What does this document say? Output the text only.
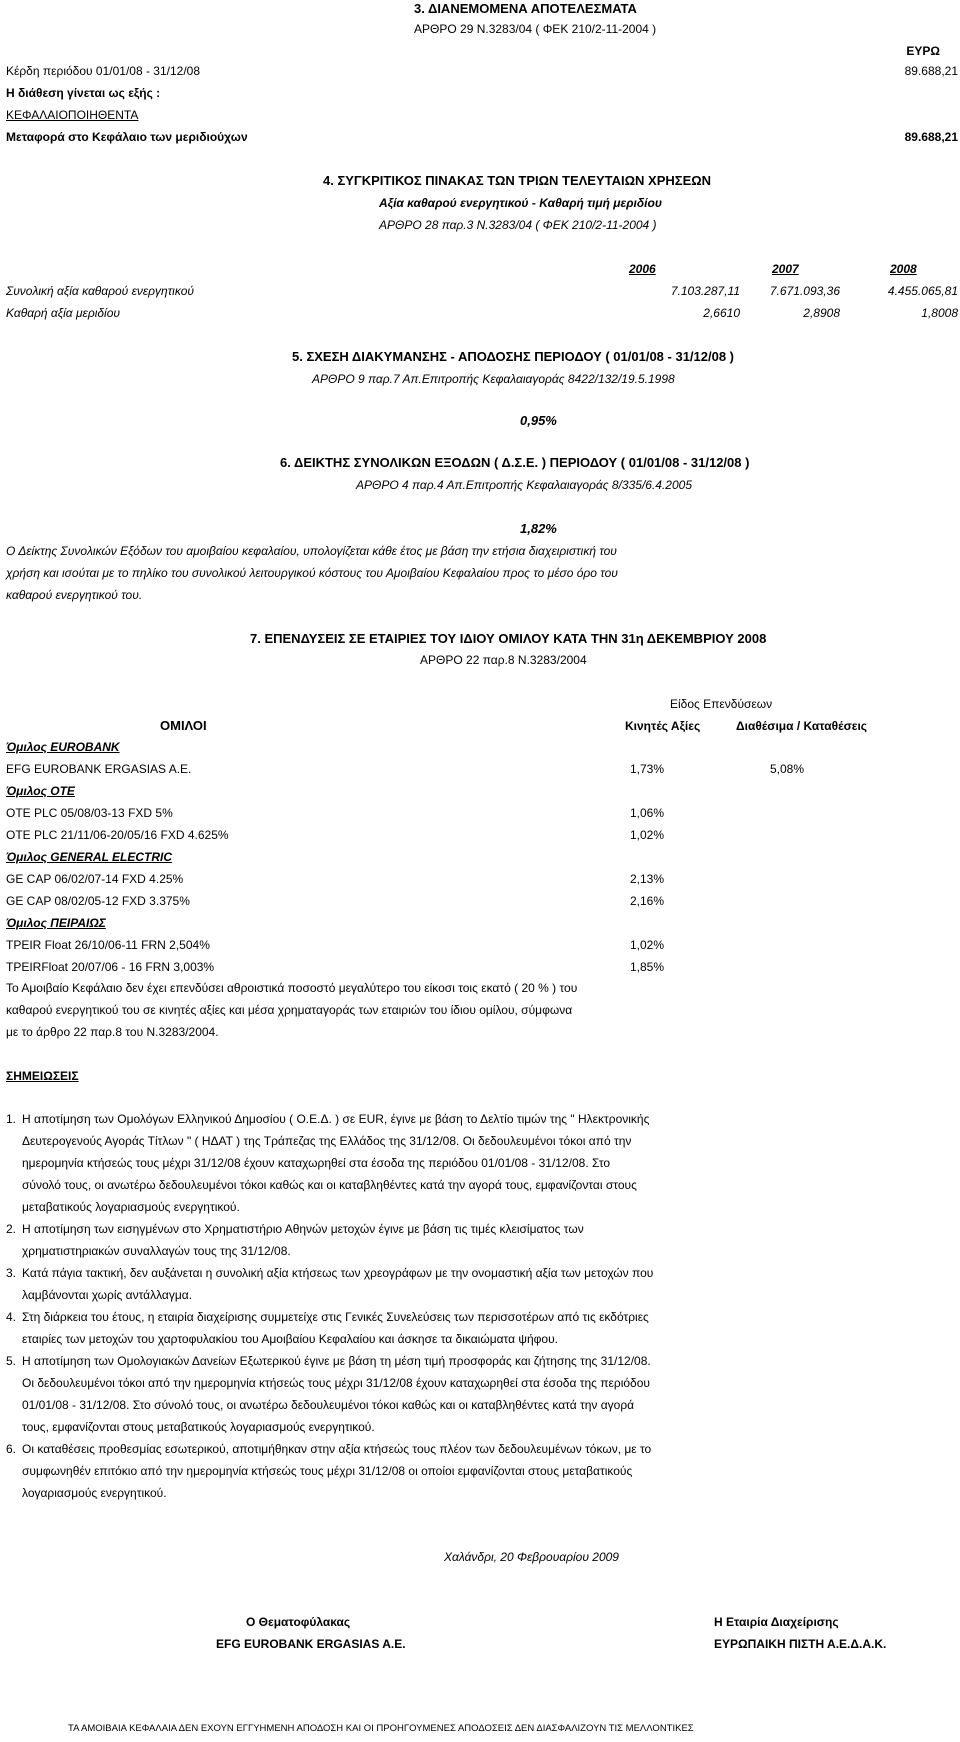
3. ΔΙΑΝΕΜΟΜΕΝΑ ΑΠΟΤΕΛΕΣΜΑΤΑ
ΑΡΘΡΟ 29 Ν.3283/04 ( ΦΕΚ 210/2-11-2004 )
ΕΥΡΩ
Κέρδη περιόδου 01/01/08 - 31/12/08	89.688,21
Η διάθεση γίνεται ως εξής :
ΚΕΦΑΛΑΙΟΠΟΙΗΘΕΝΤΑ
Μεταφορά στο Κεφάλαιο των μεριδιούχων	89.688,21
4. ΣΥΓΚΡΙΤΙΚΟΣ ΠΙΝΑΚΑΣ ΤΩΝ ΤΡΙΩΝ ΤΕΛΕΥΤΑΙΩΝ ΧΡΗΣΕΩΝ
Αξία καθαρού ενεργητικού - Καθαρή τιμή μεριδίου
ΑΡΘΡΟ 28 παρ.3 Ν.3283/04 ( ΦΕΚ 210/2-11-2004 )
2006	2007	2008
Συνολική αξία καθαρού ενεργητικού	7.103.287,11	7.671.093,36	4.455.065,81
Καθαρή αξία μεριδίου	2,6610	2,8908	1,8008
5. ΣΧΕΣΗ ΔΙΑΚΥΜΑΝΣΗΣ - ΑΠΟΔΟΣΗΣ ΠΕΡΙΟΔΟΥ ( 01/01/08 - 31/12/08 )
ΑΡΘΡΟ 9 παρ.7 Απ.Επιτροπής Κεφαλαιαγοράς 8422/132/19.5.1998
0,95%
6. ΔΕΙΚΤΗΣ ΣΥΝΟΛΙΚΩΝ ΕΞΟΔΩΝ ( Δ.Σ.Ε. ) ΠΕΡΙΟΔΟΥ ( 01/01/08 - 31/12/08 )
ΑΡΘΡΟ 4 παρ.4 Απ.Επιτροπής Κεφαλαιαγοράς 8/335/6.4.2005
1,82%
Ο Δείκτης Συνολικών Εξόδων του αμοιβαίου κεφαλαίου, υπολογίζεται κάθε έτος με βάση την ετήσια διαχειριστική του
χρήση και ισούται με το πηλίκο του συνολικού λειτουργικού κόστους του Αμοιβαίου Κεφαλαίου προς το μέσο όρο του
καθαρού ενεργητικού του.
7. ΕΠΕΝΔΥΣΕΙΣ ΣΕ ΕΤΑΙΡΙΕΣ ΤΟΥ ΙΔΙΟΥ ΟΜΙΛΟΥ ΚΑΤΑ ΤΗΝ 31η ΔΕΚΕΜΒΡΙΟΥ 2008
ΑΡΘΡΟ 22 παρ.8 Ν.3283/2004
Είδος Επενδύσεων
ΟΜΙΛΟΙ	Κινητές Αξίες	Διαθέσιμα / Καταθέσεις
Όμιλος EUROBANK
EFG EUROBANK ERGASIAS A.E.	1,73%	5,08%
Όμιλος ΟΤΕ
OTE PLC 05/08/03-13 FXD 5%	1,06%
OTE PLC 21/11/06-20/05/16 FXD 4.625%	1,02%
Όμιλος GENERAL ELECTRIC
GE CAP 06/02/07-14 FXD 4.25%	2,13%
GE CAP 08/02/05-12 FXD 3.375%	2,16%
Όμιλος ΠΕΙΡΑΙΩΣ
TPEIR Float 26/10/06-11 FRN 2,504%	1,02%
TPEIRFloat 20/07/06 - 16 FRN 3,003%	1,85%
Το Αμοιβαίο Κεφάλαιο δεν έχει επενδύσει αθροιστικά ποσοστό μεγαλύτερο του είκοσι τοις εκατό ( 20 % ) του
καθαρού ενεργητικού του σε κινητές αξίες και μέσα χρηματαγοράς των εταιριών του ίδιου ομίλου, σύμφωνα
με το άρθρο 22 παρ.8 του Ν.3283/2004.
ΣΗΜΕΙΩΣΕΙΣ
1. Η αποτίμηση των Ομολόγων Ελληνικού Δημοσίου ( Ο.Ε.Δ. ) σε EUR, έγινε με βάση το Δελτίο τιμών της " Ηλεκτρονικής
Δευτερογενούς Αγοράς Τίτλων " ( ΗΔΑΤ ) της Τράπεζας της Ελλάδος της 31/12/08. Οι δεδουλευμένοι τόκοι από την
ημερομηνία κτήσεώς τους μέχρι 31/12/08 έχουν καταχωρηθεί στα έσοδα της περιόδου 01/01/08 - 31/12/08. Στο
σύνολό τους, οι ανωτέρω δεδουλευμένοι τόκοι καθώς και οι καταβληθέντες κατά την αγορά τους, εμφανίζονται στους
μεταβατικούς λογαριασμούς ενεργητικού.
2. Η αποτίμηση των εισηγμένων στο Χρηματιστήριο Αθηνών μετοχών έγινε με βάση τις τιμές κλεισίματος των
χρηματιστηριακών συναλλαγών τους της 31/12/08.
3. Κατά πάγια τακτική, δεν αυξάνεται η συνολική αξία κτήσεως των χρεογράφων με την ονομαστική αξία των μετοχών που
λαμβάνονται χωρίς αντάλλαγμα.
4. Στη διάρκεια του έτους, η εταιρία διαχείρισης συμμετείχε στις Γενικές Συνελεύσεις των περισσοτέρων από τις εκδότριες
εταιρίες των μετοχών του χαρτοφυλακίου του Αμοιβαίου Κεφαλαίου και άσκησε τα δικαιώματα ψήφου.
5. Η αποτίμηση των Ομολογιακών Δανείων Εξωτερικού έγινε με βάση τη μέση τιμή προσφοράς και ζήτησης της 31/12/08.
Οι δεδουλευμένοι τόκοι από την ημερομηνία κτήσεώς τους μέχρι 31/12/08 έχουν καταχωρηθεί στα έσοδα της περιόδου
01/01/08 - 31/12/08. Στο σύνολό τους, οι ανωτέρω δεδουλευμένοι τόκοι καθώς και οι καταβληθέντες κατά την αγορά
τους, εμφανίζονται στους μεταβατικούς λογαριασμούς ενεργητικού.
6. Οι καταθέσεις προθεσμίας εσωτερικού, αποτιμήθηκαν στην αξία κτήσεώς τους πλέον των δεδουλευμένων τόκων, με το
συμφωνηθέν επιτόκιο από την ημερομηνία κτήσεώς τους μέχρι 31/12/08 οι οποίοι εμφανίζονται στους μεταβατικούς
λογαριασμούς ενεργητικού.
Χαλάνδρι, 20 Φεβρουαρίου 2009
Ο Θεματοφύλακας
EFG EUROBANK ERGASIAS A.E.
Η Εταιρία Διαχείρισης
ΕΥΡΩΠΑΙΚΗ ΠΙΣΤΗ Α.Ε.Δ.Α.Κ.
ΤΑ ΑΜΟΙΒΑΙΑ ΚΕΦΑΛΑΙΑ ΔΕΝ ΕΧΟΥΝ ΕΓΓΥΗΜΕΝΗ ΑΠΟΔΟΣΗ ΚΑΙ ΟΙ ΠΡΟΗΓΟΥΜΕΝΕΣ ΑΠΟΔΟΣΕΙΣ ΔΕΝ ΔΙΑΣΦΑΛΙΖΟΥΝ ΤΙΣ ΜΕΛΛΟΝΤΙΚΕΣ
